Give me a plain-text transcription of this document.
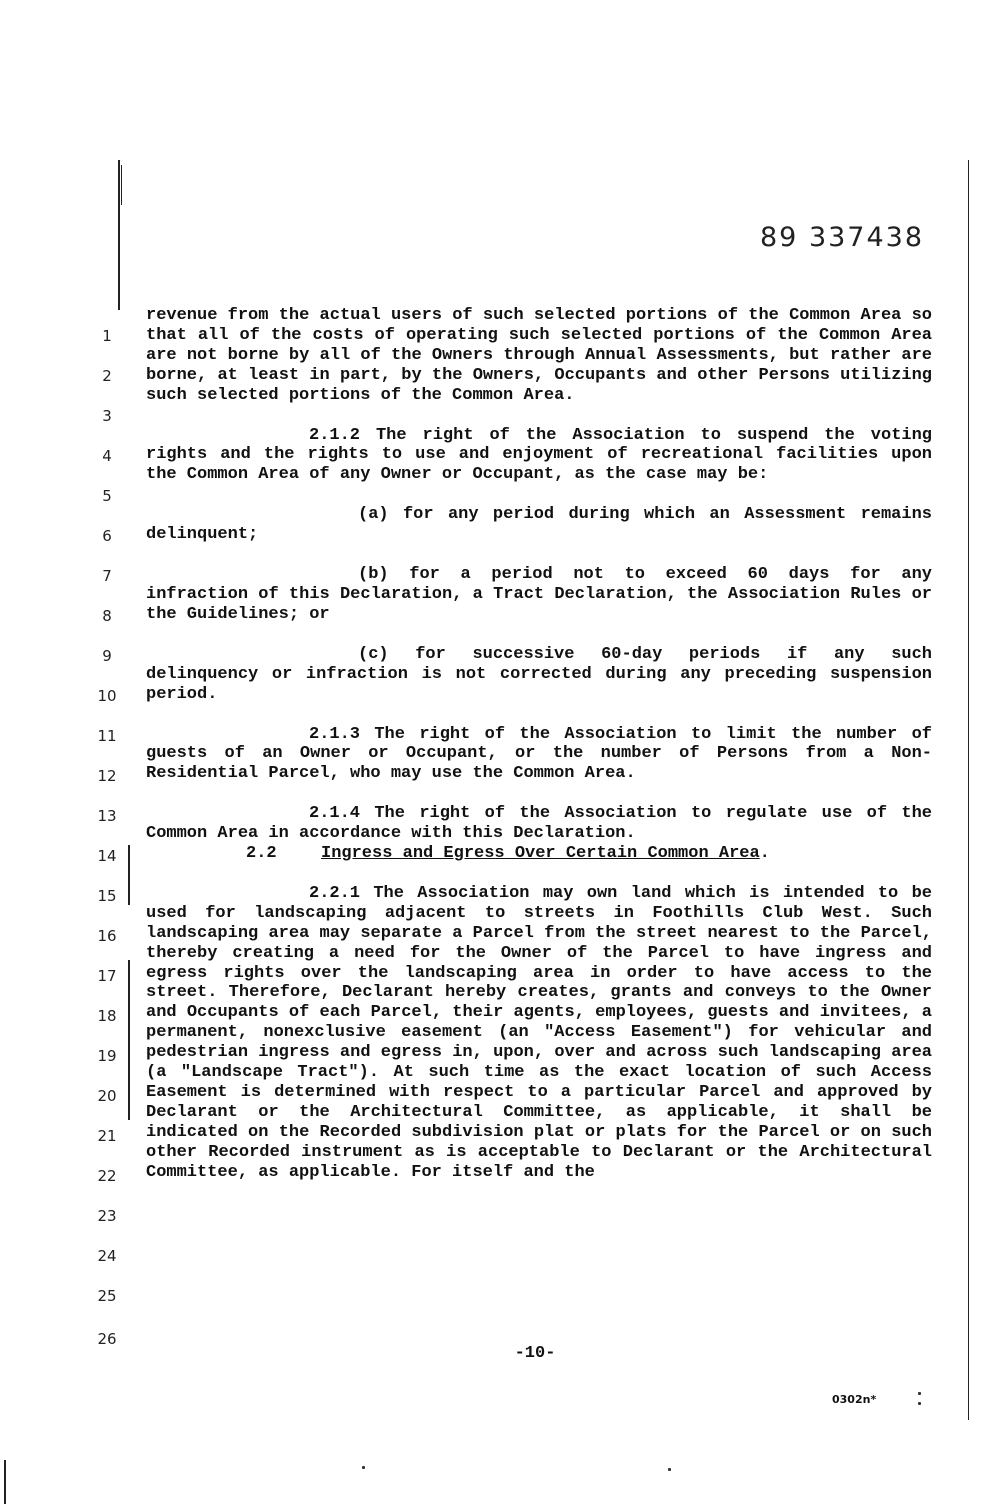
89 337438
1
2
3
4
5
6
7
8
9
10
11
12
13
14
15
16
17
18
19
20
21
22
23
24
25
26

revenue from the actual users of such selected portions of the Common Area so that all of the costs of operating such selected portions of the Common Area are not borne by all of the Owners through Annual Assessments, but rather are borne, at least in part, by the Owners, Occupants and other Persons utilizing such selected portions of the Common Area.

2.1.2 The right of the Association to suspend the voting rights and the rights to use and enjoyment of recreational facilities upon the Common Area of any Owner or Occupant, as the case may be:

(a) for any period during which an Assessment remains delinquent;

(b) for a period not to exceed 60 days for any infraction of this Declaration, a Tract Declaration, the Association Rules or the Guidelines; or

(c) for successive 60-day periods if any such delinquency or infraction is not corrected during any preceding suspension period.

2.1.3 The right of the Association to limit the number of guests of an Owner or Occupant, or the number of Persons from a Non-Residential Parcel, who may use the Common Area.

2.1.4 The right of the Association to regulate use of the Common Area in accordance with this Declaration.

2.2	Ingress and Egress Over Certain Common Area.

2.2.1 The Association may own land which is intended to be used for landscaping adjacent to streets in Foothills Club West. Such landscaping area may separate a Parcel from the street nearest to the Parcel, thereby creating a need for the Owner of the Parcel to have ingress and egress rights over the landscaping area in order to have access to the street. Therefore, Declarant hereby creates, grants and conveys to the Owner and Occupants of each Parcel, their agents, employees, guests and invitees, a permanent, nonexclusive easement (an "Access Easement") for vehicular and pedestrian ingress and egress in, upon, over and across such landscaping area (a "Landscape Tract"). At such time as the exact location of such Access Easement is determined with respect to a particular Parcel and approved by Declarant or the Architectural Committee, as applicable, it shall be indicated on the Recorded subdivision plat or plats for the Parcel or on such other Recorded instrument as is acceptable to Declarant or the Architectural Committee, as applicable. For itself and the

-10-
0302n*
